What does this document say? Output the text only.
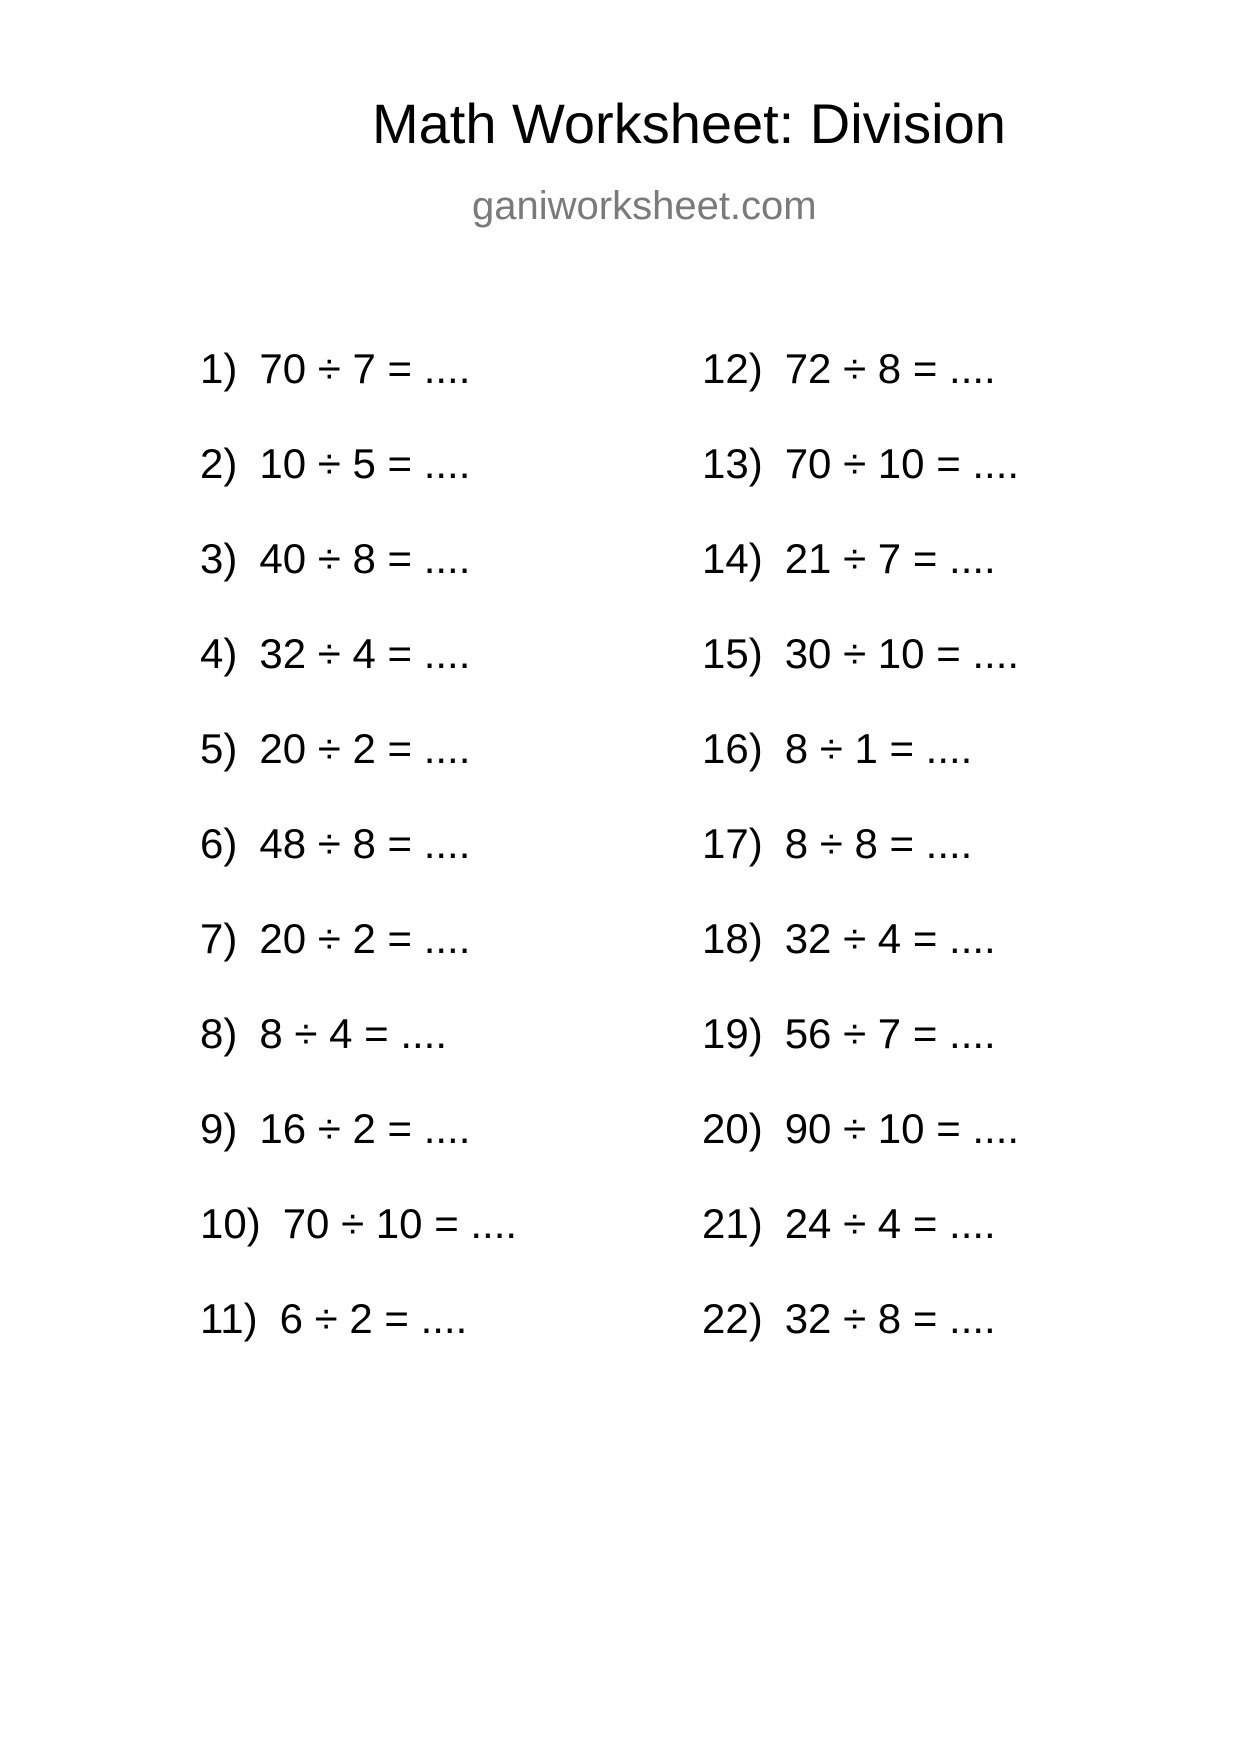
Math Worksheet: Division
ganiworksheet.com
1) 70 ÷ 7 = ....
2) 10 ÷ 5 = ....
3) 40 ÷ 8 = ....
4) 32 ÷ 4 = ....
5) 20 ÷ 2 = ....
6) 48 ÷ 8 = ....
7) 20 ÷ 2 = ....
8) 8 ÷ 4 = ....
9) 16 ÷ 2 = ....
10) 70 ÷ 10 = ....
11) 6 ÷ 2 = ....
12) 72 ÷ 8 = ....
13) 70 ÷ 10 = ....
14) 21 ÷ 7 = ....
15) 30 ÷ 10 = ....
16) 8 ÷ 1 = ....
17) 8 ÷ 8 = ....
18) 32 ÷ 4 = ....
19) 56 ÷ 7 = ....
20) 90 ÷ 10 = ....
21) 24 ÷ 4 = ....
22) 32 ÷ 8 = ....
